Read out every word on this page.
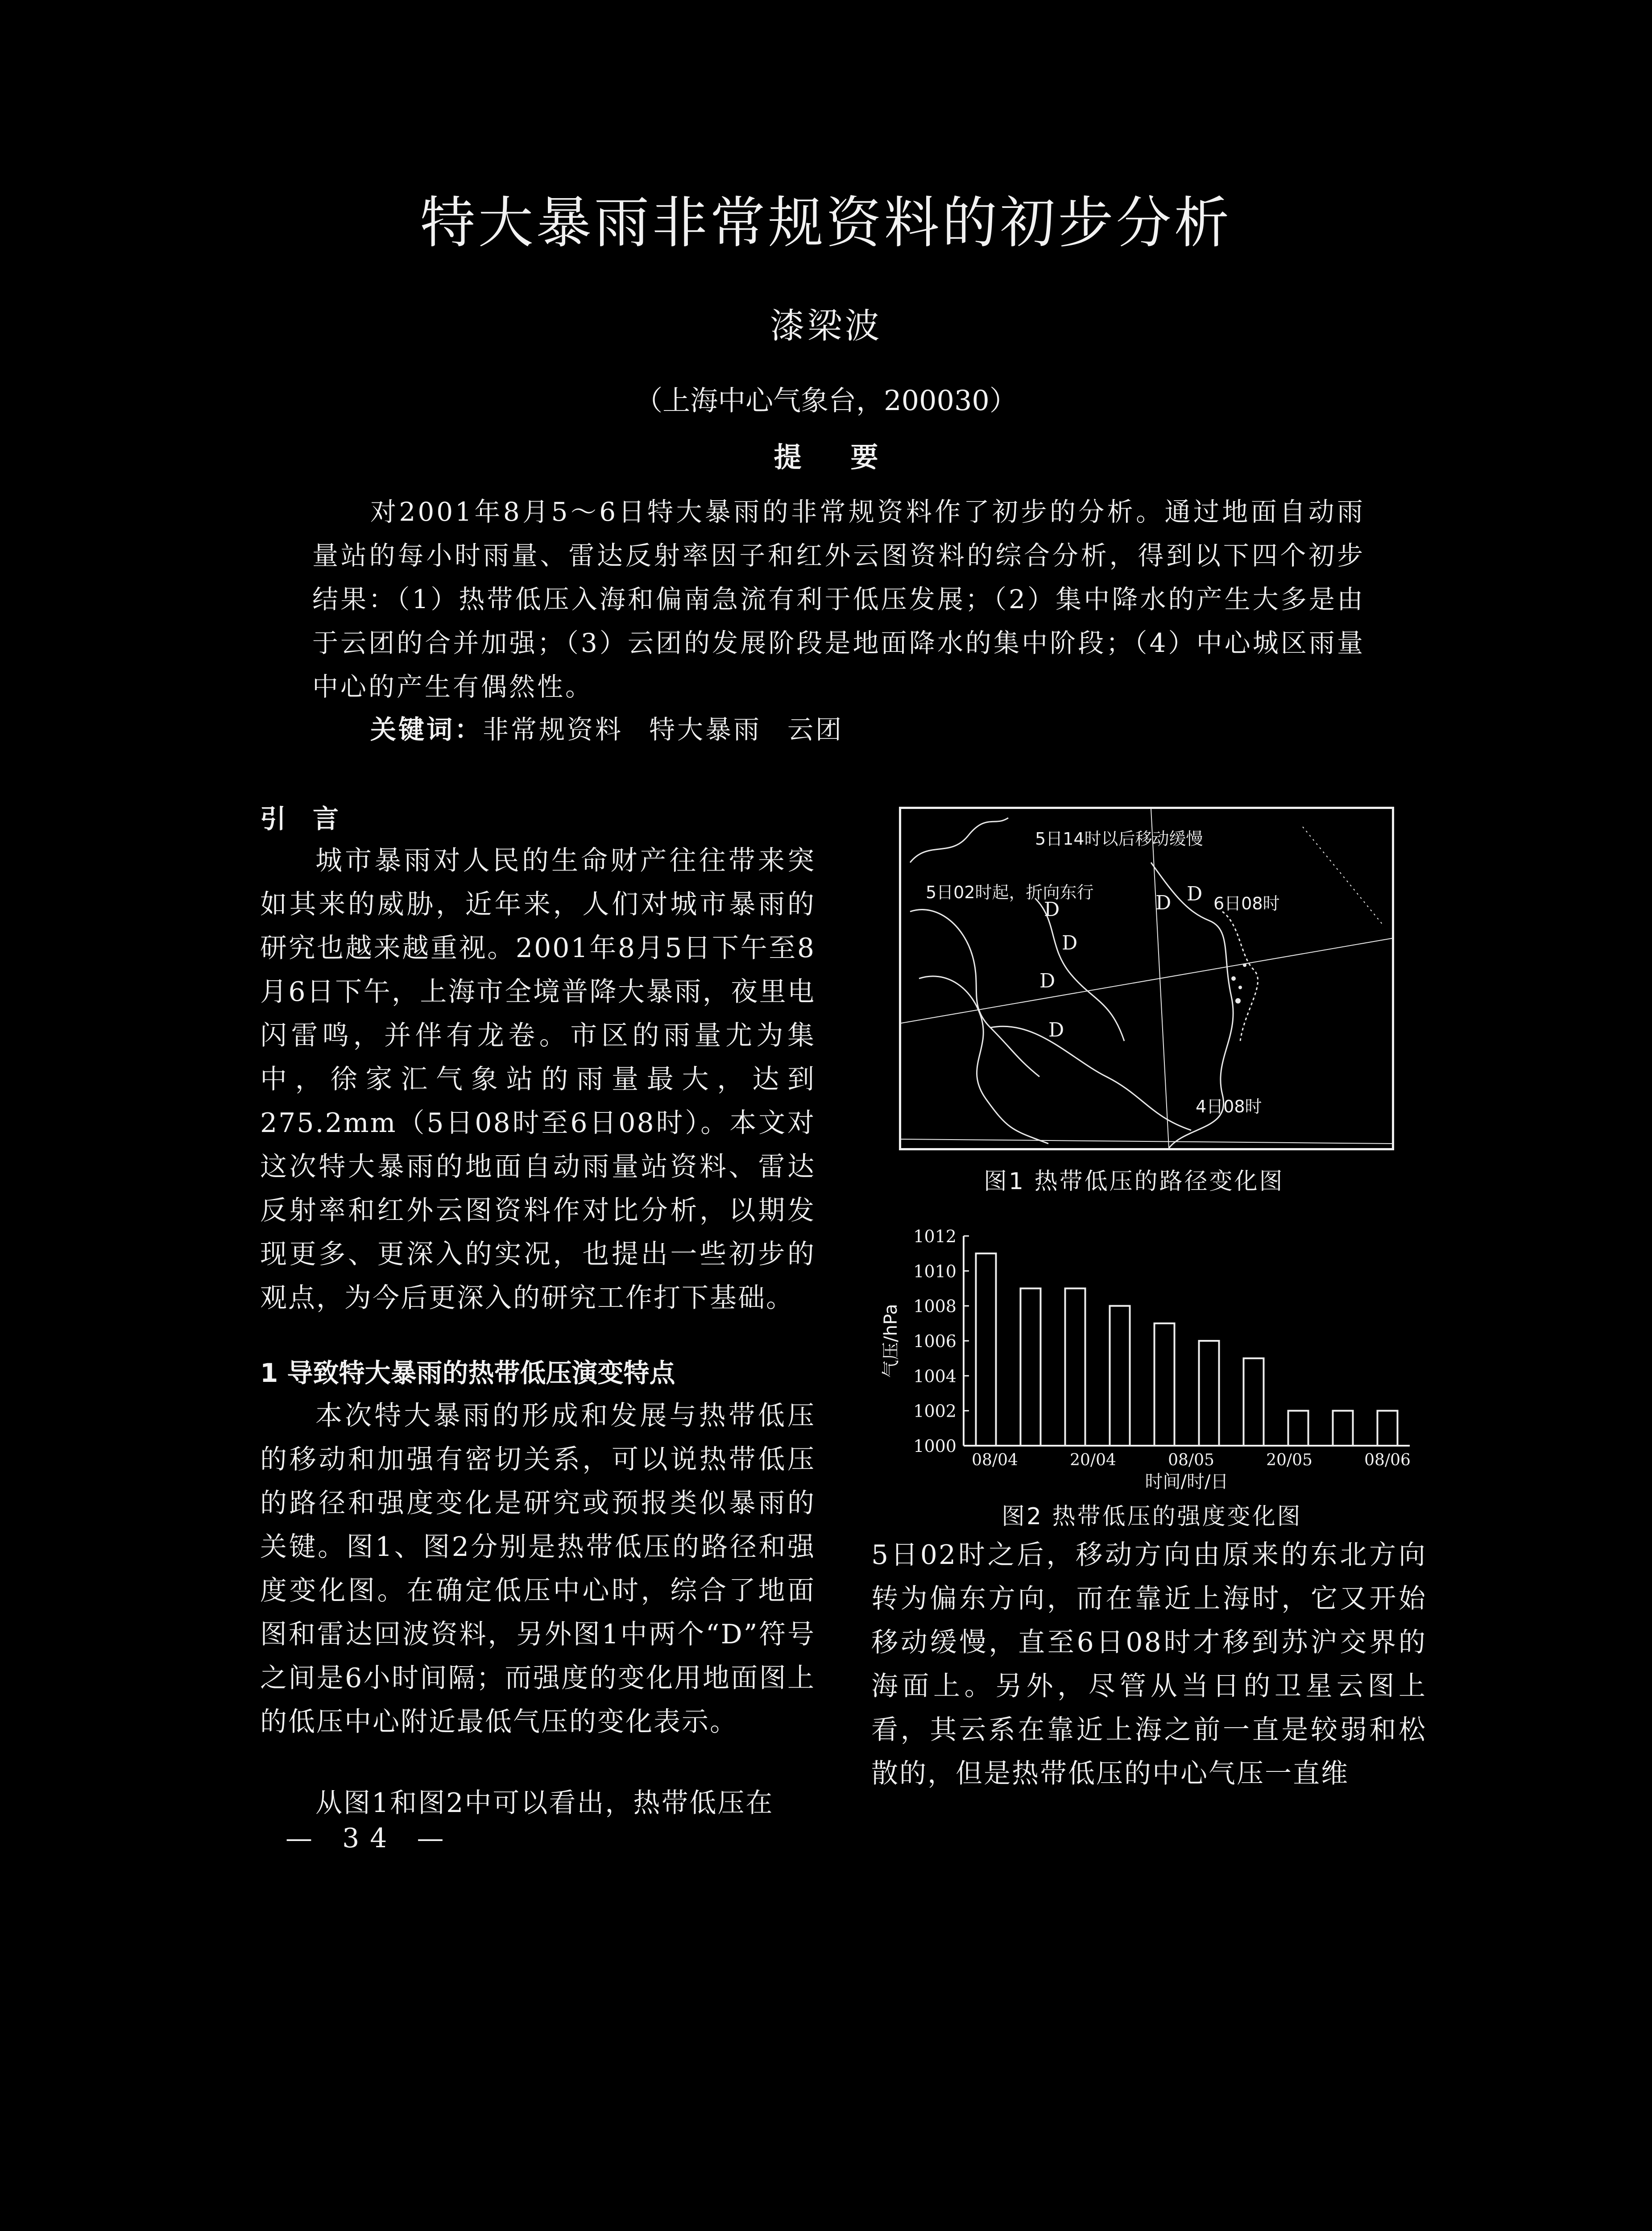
特大暴雨非常规资料的初步分析
漆梁波
（上海中心气象台，200030）
提要
对2001年8月5～6日特大暴雨的非常规资料作了初步的分析。通过地面自动雨量站的每小时雨量、雷达反射率因子和红外云图资料的综合分析，得到以下四个初步结果：（1）热带低压入海和偏南急流有利于低压发展；（2）集中降水的产生大多是由于云团的合并加强；（3）云团的发展阶段是地面降水的集中阶段；（4）中心城区雨量中心的产生有偶然性。
关键词：非常规资料 特大暴雨 云团
引言
城市暴雨对人民的生命财产往往带来突如其来的威胁，近年来，人们对城市暴雨的研究也越来越重视。2001年8月5日下午至8月6日下午，上海市全境普降大暴雨，夜里电闪雷鸣，并伴有龙卷。市区的雨量尤为集中，徐家汇气象站的雨量最大，达到275.2mm（5日08时至6日08时）。本文对这次特大暴雨的地面自动雨量站资料、雷达反射率和红外云图资料作对比分析，以期发现更多、更深入的实况，也提出一些初步的观点，为今后更深入的研究工作打下基础。
1 导致特大暴雨的热带低压演变特点
本次特大暴雨的形成和发展与热带低压的移动和加强有密切关系，可以说热带低压的路径和强度变化是研究或预报类似暴雨的关键。图1、图2分别是热带低压的路径和强度变化图。在确定低压中心时，综合了地面图和雷达回波资料，另外图1中两个“D”符号之间是6小时间隔；而强度的变化用地面图上的低压中心附近最低气压的变化表示。
从图1和图2中可以看出，热带低压在
— 34 —
D
D
D
D
D D
5日14时以后移动缓慢
5日02时起，折向东行
6日08时
4日08时
图1 热带低压的路径变化图
1000
1002
1004
1006
1008
1010
1012
08/04	20/04	08/05	20/05	08/06
时间/时/日
气压/hPa
图2 热带低压的强度变化图
5日02时之后，移动方向由原来的东北方向转为偏东方向，而在靠近上海时，它又开始移动缓慢，直至6日08时才移到苏沪交界的海面上。另外，尽管从当日的卫星云图上看，其云系在靠近上海之前一直是较弱和松散的，但是热带低压的中心气压一直维
